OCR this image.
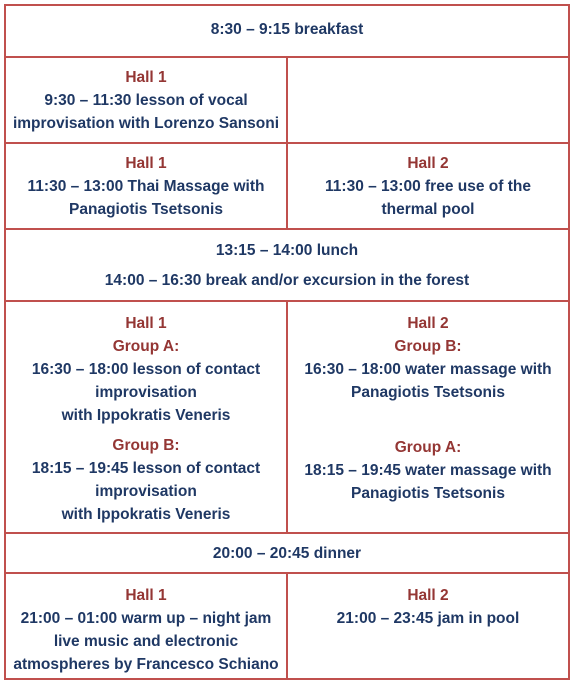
8:30 – 9:15 breakfast
Hall 1
9:30 – 11:30 lesson of vocal
improvisation with Lorenzo Sansoni
Hall 1
11:30 – 13:00 Thai Massage with
Panagiotis Tsetsonis
Hall 2
11:30 – 13:00 free use of the
thermal pool
13:15 – 14:00 lunch
14:00 – 16:30 break and/or excursion in the forest
Hall 1
Group A:
16:30 – 18:00 lesson of contact
improvisation
with Ippokratis Veneris
Group B:
18:15 – 19:45 lesson of contact
improvisation
with Ippokratis Veneris
Hall 2
Group B:
16:30 – 18:00 water massage with
Panagiotis Tsetsonis
Group A:
18:15 – 19:45 water massage with
Panagiotis Tsetsonis
20:00 – 20:45 dinner
Hall 1
21:00 – 01:00 warm up – night jam
live music and electronic
atmospheres by Francesco Schiano
Hall 2
21:00 – 23:45 jam in pool
